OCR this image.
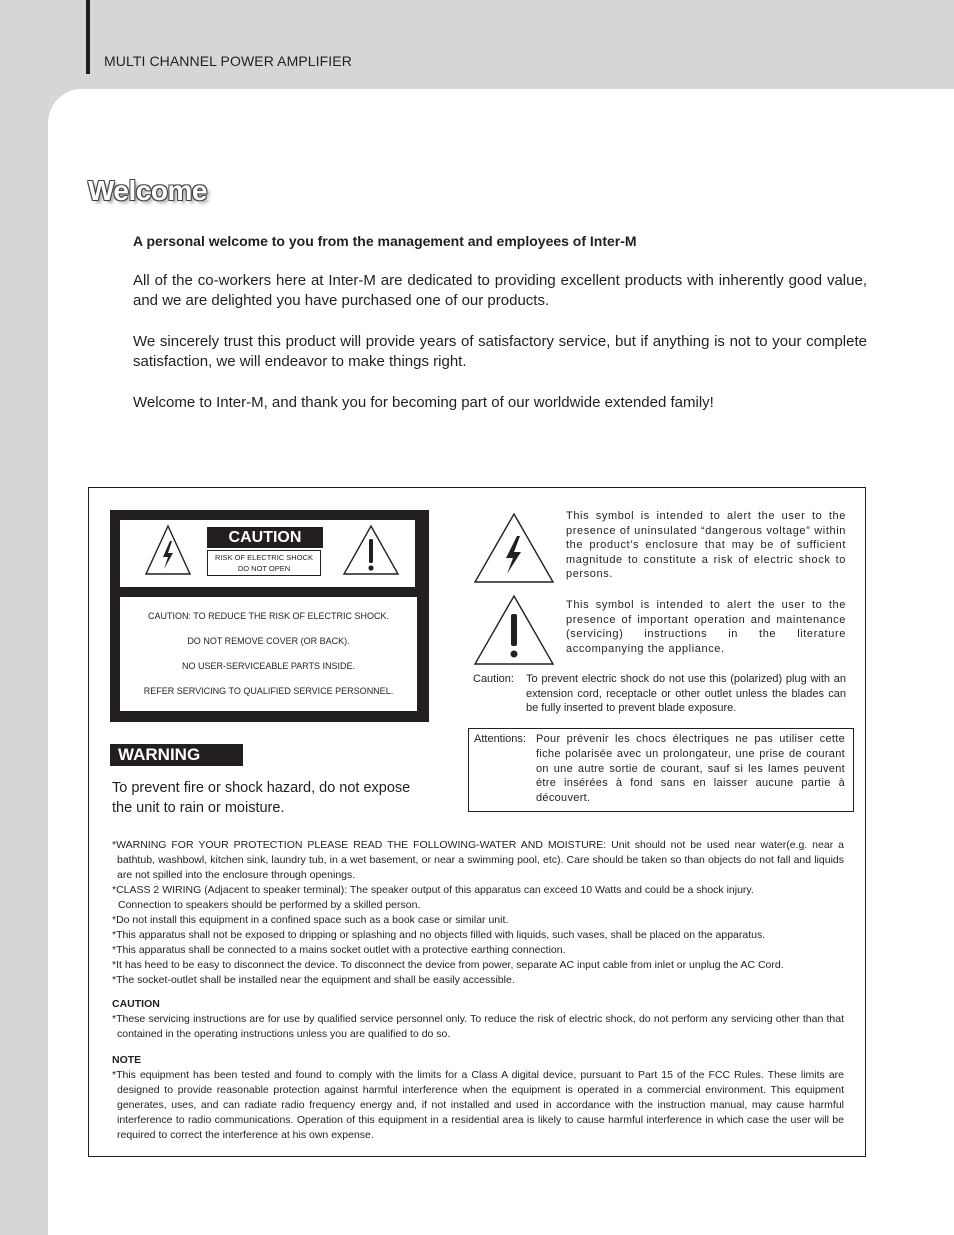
MULTI CHANNEL POWER AMPLIFIER
Welcome

A personal welcome to you from the management and employees of Inter-M

All of the co-workers here at Inter-M are dedicated to providing excellent products with inherently good value, and we are delighted you have purchased one of our products.

We sincerely trust this product will provide years of satisfactory service, but if anything is not to your complete satisfaction, we will endeavor to make things right.

Welcome to Inter-M, and thank you for becoming part of our worldwide extended family!

CAUTION
RISK OF ELECTRIC SHOCK
DO NOT OPEN
CAUTION: TO REDUCE THE RISK OF ELECTRIC SHOCK.
DO NOT REMOVE COVER (OR BACK).
NO USER-SERVICEABLE PARTS INSIDE.
REFER SERVICING TO QUALIFIED SERVICE PERSONNEL.
WARNING
To prevent fire or shock hazard, do not expose the unit to rain or moisture.
This symbol is intended to alert the user to the presence of uninsulated “dangerous voltage” within the product’s enclosure that may be of sufficient magnitude to constitute a risk of electric shock to persons.
This symbol is intended to alert the user to the presence of important operation and maintenance (servicing) instructions in the literature accompanying the appliance.
Caution: To prevent electric shock do not use this (polarized) plug with an extension cord, receptacle or other outlet unless the blades can be fully inserted to prevent blade exposure.
Attentions: Pour prévenir les chocs électriques ne pas utiliser cette fiche polarisée avec un prolongateur, une prise de courant on une autre sortie de courant, sauf si les lames peuvent étre insérées à fond sans en laisser aucune partie à découvert.
*WARNING FOR YOUR PROTECTION PLEASE READ THE FOLLOWING-WATER AND MOISTURE: Unit should not be used near water(e.g. near a bathtub, washbowl, kitchen sink, laundry tub, in a wet basement, or near a swimming pool, etc). Care should be taken so than objects do not fall and liquids are not spilled into the enclosure through openings.
*CLASS 2 WIRING (Adjacent to speaker terminal): The speaker output of this apparatus can exceed 10 Watts and could be a shock injury.
Connection to speakers should be performed by a skilled person.
*Do not install this equipment in a confined space such as a book case or similar unit.
*This apparatus shall not be exposed to dripping or splashing and no objects filled with liquids, such vases, shall be placed on the apparatus.
*This apparatus shall be connected to a mains socket outlet with a protective earthing connection.
*It has heed to be easy to disconnect the device. To disconnect the device from power, separate AC input cable from inlet or unplug the AC Cord.
*The socket-outlet shall be installed near the equipment and shall be easily accessible.
CAUTION
*These servicing instructions are for use by qualified service personnel only. To reduce the risk of electric shock, do not perform any servicing other than that contained in the operating instructions unless you are qualified to do so.
NOTE
*This equipment has been tested and found to comply with the limits for a Class A digital device, pursuant to Part 15 of the FCC Rules. These limits are designed to provide reasonable protection against harmful interference when the equipment is operated in a commercial environment. This equipment generates, uses, and can radiate radio frequency energy and, if not installed and used in accordance with the instruction manual, may cause harmful interference to radio communications. Operation of this equipment in a residential area is likely to cause harmful interference in which case the user will be required to correct the interference at his own expense.
